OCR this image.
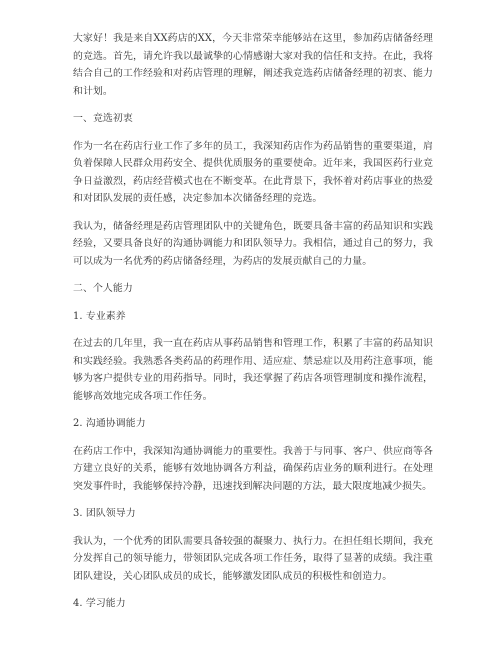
大家好！我是来自XX药店的XX，今天非常荣幸能够站在这里，参加药店储备经理的竞选。首先，请允许我以最诚挚的心情感谢大家对我的信任和支持。在此，我将结合自己的工作经验和对药店管理的理解，阐述我竞选药店储备经理的初衷、能力和计划。

一、竞选初衷

作为一名在药店行业工作了多年的员工，我深知药店作为药品销售的重要渠道，肩负着保障人民群众用药安全、提供优质服务的重要使命。近年来，我国医药行业竞争日益激烈，药店经营模式也在不断变革。在此背景下，我怀着对药店事业的热爱和对团队发展的责任感，决定参加本次储备经理的竞选。

我认为，储备经理是药店管理团队中的关键角色，既要具备丰富的药品知识和实践经验，又要具备良好的沟通协调能力和团队领导力。我相信，通过自己的努力，我可以成为一名优秀的药店储备经理，为药店的发展贡献自己的力量。

二、个人能力

1. 专业素养

在过去的几年里，我一直在药店从事药品销售和管理工作，积累了丰富的药品知识和实践经验。我熟悉各类药品的药理作用、适应症、禁忌症以及用药注意事项，能够为客户提供专业的用药指导。同时，我还掌握了药店各项管理制度和操作流程，能够高效地完成各项工作任务。

2. 沟通协调能力

在药店工作中，我深知沟通协调能力的重要性。我善于与同事、客户、供应商等各方建立良好的关系，能够有效地协调各方利益，确保药店业务的顺利进行。在处理突发事件时，我能够保持冷静，迅速找到解决问题的方法，最大限度地减少损失。

3. 团队领导力

我认为，一个优秀的团队需要具备较强的凝聚力、执行力。在担任组长期间，我充分发挥自己的领导能力，带领团队完成各项工作任务，取得了显著的成绩。我注重团队建设，关心团队成员的成长，能够激发团队成员的积极性和创造力。

4. 学习能力
